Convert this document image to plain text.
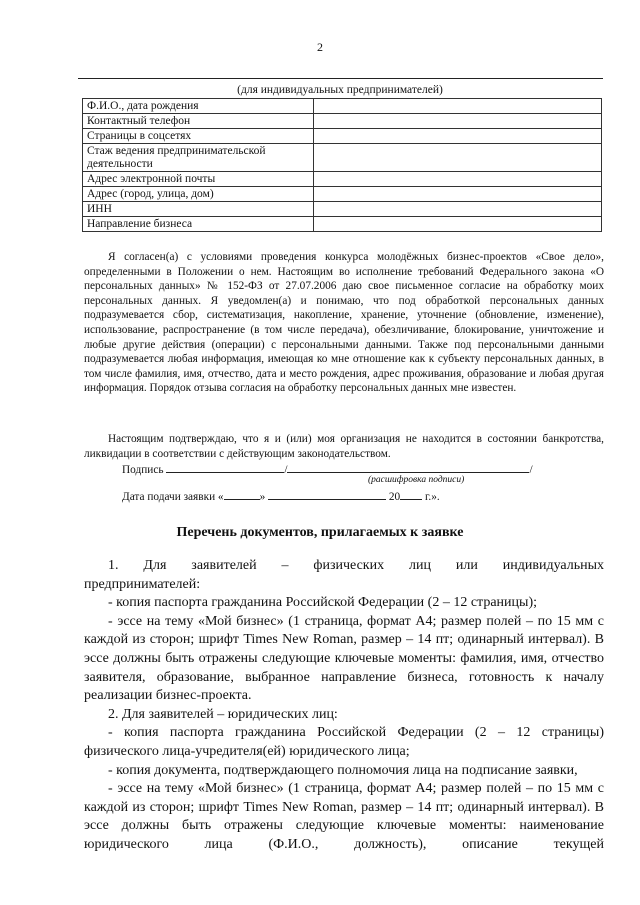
2
(для индивидуальных предпринимателей)
Ф.И.О., дата рождения	
Контактный телефон	
Страницы в соцсетях	
Стаж ведения предпринимательской деятельности	
Адрес электронной почты	
Адрес (город, улица, дом)	
ИНН	
Направление бизнеса	

Я согласен(а) с условиями проведения конкурса молодёжных бизнес-проектов «Свое дело», определенными в Положении о нем. Настоящим во исполнение требований Федерального закона «О персональных данных» № 152-ФЗ от 27.07.2006 даю свое письменное согласие на обработку моих персональных данных. Я уведомлен(а) и понимаю, что под обработкой персональных данных подразумевается сбор, систематизация, накопление, хранение, уточнение (обновление, изменение), использование, распространение (в том числе передача), обезличивание, блокирование, уничтожение и любые другие действия (операции) с персональными данными. Также под персональными данными подразумевается любая информация, имеющая ко мне отношение как к субъекту персональных данных, в том числе фамилия, имя, отчество, дата и место рождения, адрес проживания, образование и любая другая информация. Порядок отзыва согласия на обработку персональных данных мне известен.

Настоящим подтверждаю, что я и (или) моя организация не находится в состоянии банкротства, ликвидации в соответствии с действующим законодательством.

Подпись	/	/
(расшифровка подписи)
Дата подачи заявки «	»	20 г.».
Перечень документов, прилагаемых к заявке

1. Для заявителей – физических лиц или индивидуальных

предпринимателей:

- копия паспорта гражданина Российской Федерации (2 – 12 страницы);

- эссе на тему «Мой бизнес» (1 страница, формат А4; размер полей – по 15 мм с каждой из сторон; шрифт Times New Roman, размер – 14 пт; одинарный интервал). В эссе должны быть отражены следующие ключевые моменты: фамилия, имя, отчество заявителя, образование, выбранное направление бизнеса, готовность к началу реализации бизнес-проекта.

2. Для заявителей – юридических лиц:

- копия паспорта гражданина Российской Федерации (2 – 12 страницы) физического лица-учредителя(ей) юридического лица;

- копия документа, подтверждающего полномочия лица на подписание заявки,

- эссе на тему «Мой бизнес» (1 страница, формат А4; размер полей – по 15 мм с каждой из сторон; шрифт Times New Roman, размер – 14 пт; одинарный интервал). В эссе должны быть отражены следующие ключевые моменты: наименование юридического лица (Ф.И.О., должность), описание текущей
